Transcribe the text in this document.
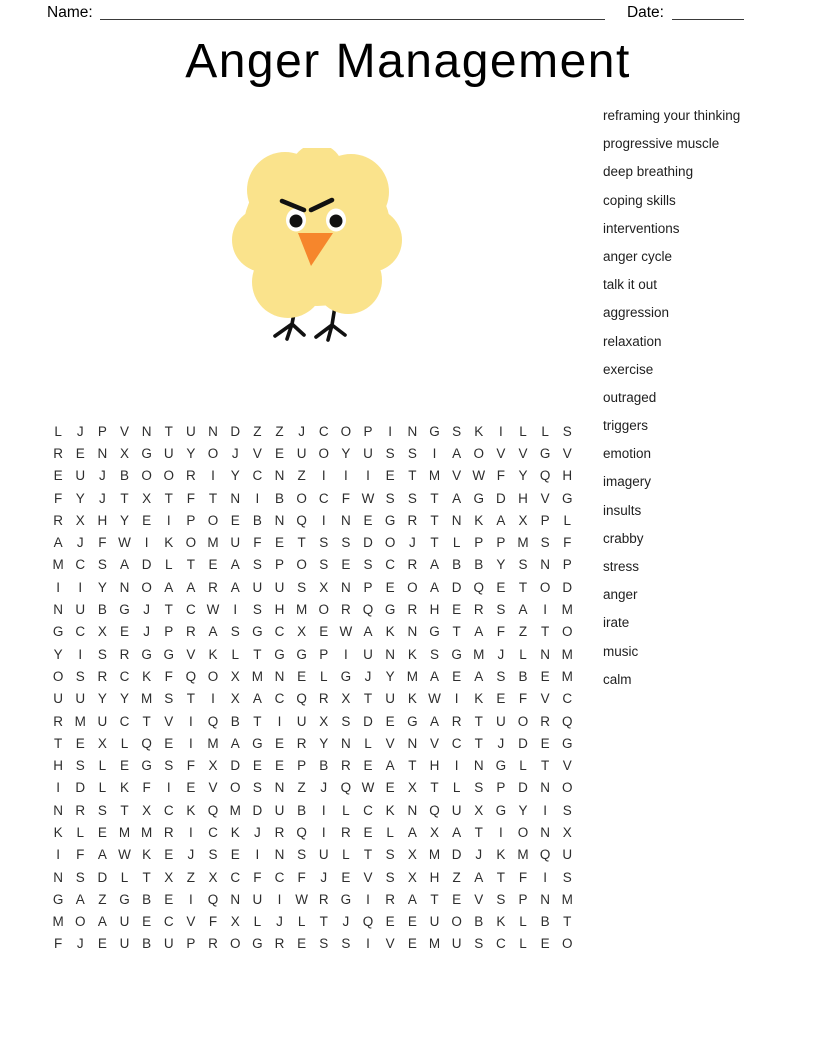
Name:	Date:
Anger Management
reframing your thinking
progressive muscle
deep breathing
coping skills
interventions
anger cycle
talk it out
aggression
relaxation
exercise
outraged
triggers
emotion
imagery
insults
crabby
stress
anger
irate
music
calm
L	J	P V N T U N D Z	Z	J	C O P	I	N G S K	I	L	L	S
R E N X G U Y O	J	V E U O Y U S S	I	A O V V G V
E U	J	B O O R	I	Y C N Z	I	I	I	E	T M V W F	Y Q H
F	Y	J	T	X	T	F	T N	I	B O C F W S S	T	A G D H V G
R X H Y E	I	P O E B N Q	I	N E G R T N K A X P	L
A	J	F W	I	K O M U F	E	T	S S D O	J	T	L	P P M S	F
M C S A D	L	T	E A S P O S E S C R A B B Y S N P
I	I	Y N O A A R A U U S X N P E O A D Q E	T O D
N U B G	J	T C W	I	S H M O R Q G R H E R S A	I	M
G C X E	J	P R A S G C X E W A K N G T	A	F	Z	T O
Y	I	S R G G V K	L	T G G P	I	U N K S G M J	L	N M
O S R C K	F Q O X M N E	L G	J	Y M A E A S B E M
U U Y Y M S	T	I	X A C Q R X	T U K W	I	K E	F	V C
R M U C T	V	I	Q B	T	I	U X S D E G A R T U O R Q
T	E X	L Q E	I	M A G E R Y N	L	V N V C T	J	D E G
H S	L	E G S	F	X D E E P B R E A	T H	I	N G L	T	V
I	D	L	K	F	I	E V O S N Z	J	Q W E X	T	L	S P D N O
N R S	T	X C K Q M D U B	I	L	C K N Q U X G Y	I	S
K	L	E M M R	I	C K	J	R Q	I	R E	L	A X A	T	I	O N X
I	F	A W K E	J	S E	I	N S U	L	T	S X M D	J	K M Q U
N S D	L	T	X	Z	X C F C F	J	E V S X H Z	A	T	F	I	S
G A	Z G B E	I	Q N U	I	W R G	I	R A	T	E V S P N M
M O A U E C V	F	X	L	J	L	T	J	Q E E U O B K	L	B	T
F	J	E U B U P R O G R E S S	I	V E M U S C	L	E O
